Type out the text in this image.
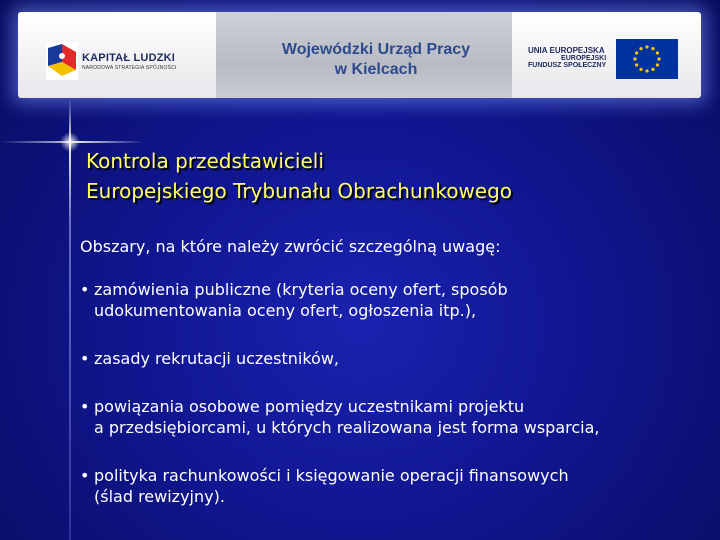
KAPITAŁ LUDZKI
NARODOWA STRATEGIA SPÓJNOŚCI
Wojewódzki Urząd Pracy
w Kielcach
UNIA EUROPEJSKA
EUROPEJSKI
FUNDUSZ SPOŁECZNY
Kontrola przedstawicieli
Europejskiego Trybunału Obrachunkowego

Obszary, na które należy zwrócić szczególną uwagę:

• zamówienia publiczne (kryteria oceny ofert, sposób
udokumentowania oceny ofert, ogłoszenia itp.),
• zasady rekrutacji uczestników,
• powiązania osobowe pomiędzy uczestnikami projektu
a przedsiębiorcami, u których realizowana jest forma wsparcia,
• polityka rachunkowości i księgowanie operacji finansowych
(ślad rewizyjny).
